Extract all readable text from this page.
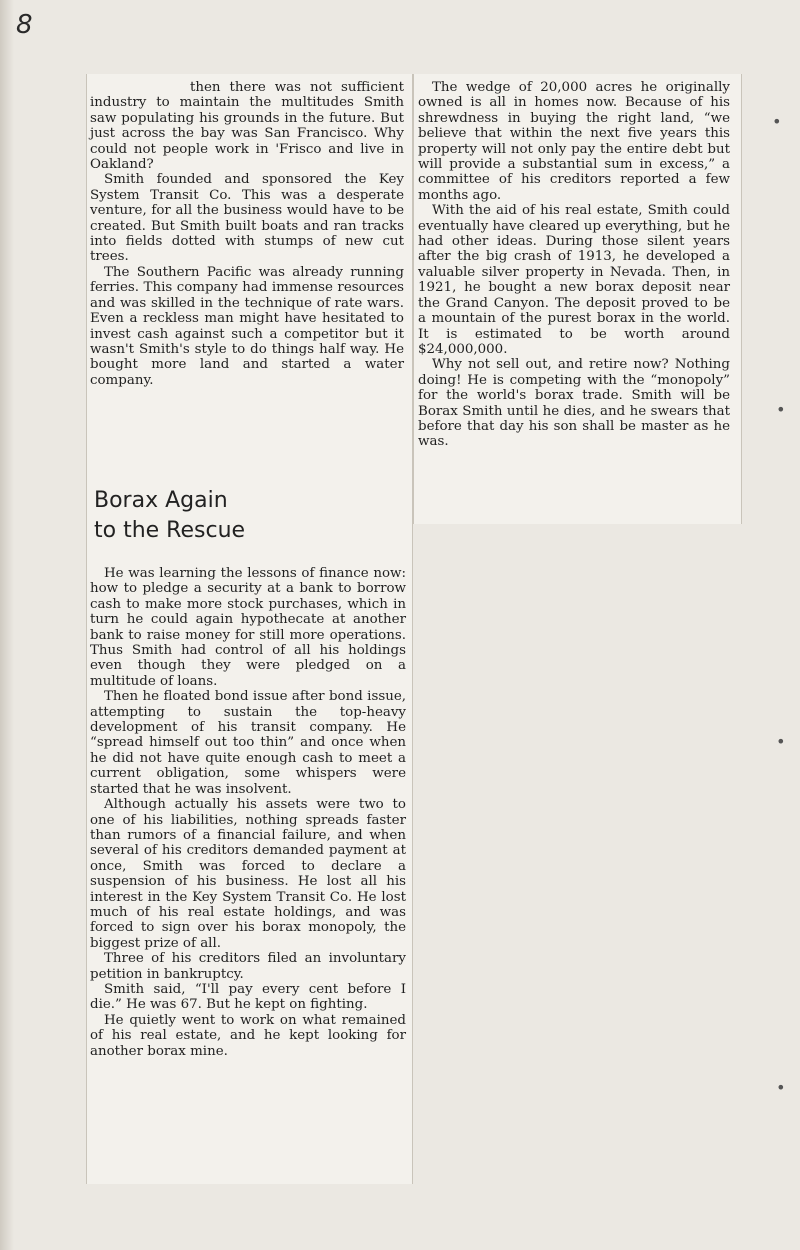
8

then there was not sufficient industry to maintain the multitudes Smith saw populating his grounds in the future. But just across the bay was San Francisco. Why could not people work in 'Frisco and live in Oakland?

Smith founded and sponsored the Key System Transit Co. This was a desperate venture, for all the business would have to be created. But Smith built boats and ran tracks into fields dotted with stumps of new cut trees.

The Southern Pacific was already running ferries. This company had immense resources and was skilled in the technique of rate wars. Even a reckless man might have hesitated to invest cash against such a competitor but it wasn't Smith's style to do things half way. He bought more land and started a water company.

Borax Again
to the Rescue

He was learning the lessons of finance now: how to pledge a security at a bank to borrow cash to make more stock purchases, which in turn he could again hypothecate at another bank to raise money for still more operations. Thus Smith had control of all his holdings even though they were pledged on a multitude of loans.

Then he floated bond issue after bond issue, attempting to sustain the top-heavy development of his transit company. He “spread himself out too thin” and once when he did not have quite enough cash to meet a current obligation, some whispers were started that he was insolvent.

Although actually his assets were two to one of his liabilities, nothing spreads faster than rumors of a financial failure, and when several of his creditors demanded payment at once, Smith was forced to declare a suspension of his business. He lost all his interest in the Key System Transit Co. He lost much of his real estate holdings, and was forced to sign over his borax monopoly, the biggest prize of all.

Three of his creditors filed an involuntary petition in bankruptcy.

Smith said, “I'll pay every cent before I die.” He was 67. But he kept on fighting.

He quietly went to work on what remained of his real estate, and he kept looking for another borax mine.

The wedge of 20,000 acres he originally owned is all in homes now. Because of his shrewdness in buying the right land, “we believe that within the next five years this property will not only pay the entire debt but will provide a substantial sum in excess,” a committee of his creditors reported a few months ago.

With the aid of his real estate, Smith could eventually have cleared up everything, but he had other ideas. During those silent years after the big crash of 1913, he developed a valuable silver property in Nevada. Then, in 1921, he bought a new borax deposit near the Grand Canyon. The deposit proved to be a mountain of the purest borax in the world. It is estimated to be worth around $24,000,000.

Why not sell out, and retire now? Nothing doing! He is competing with the “monopoly” for the world's borax trade. Smith will be Borax Smith until he dies, and he swears that before that day his son shall be master as he was.

•
•
•
•
